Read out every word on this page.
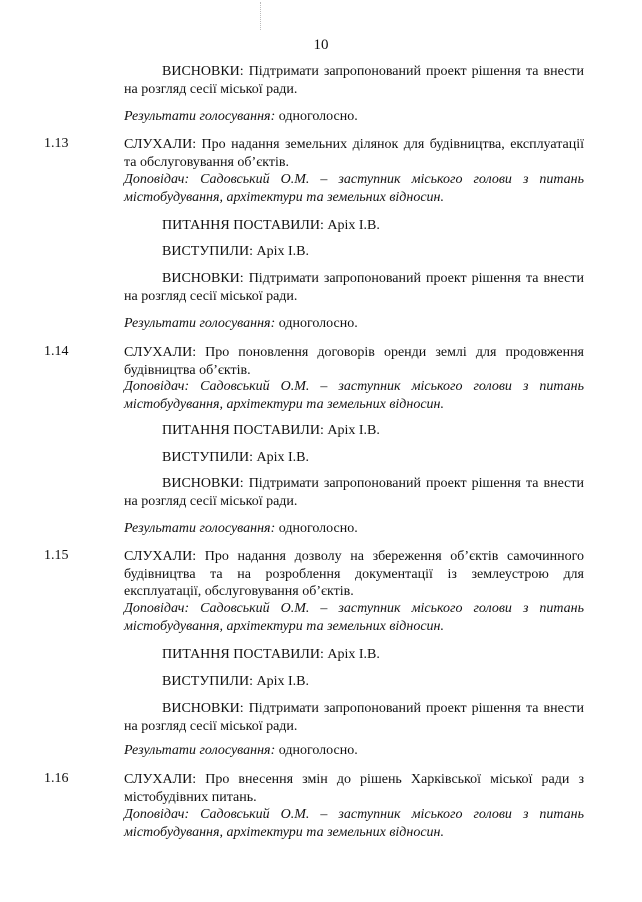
10
ВИСНОВКИ: Підтримати запропонований проект рішення та внести на розгляд сесії міської ради.
Результати голосування: одноголосно.
1.13	СЛУХАЛИ: Про надання земельних ділянок для будівництва, експлуатації та обслуговування об’єктів.
Доповідач: Садовський О.М. – заступник міського голови з питань містобудування, архітектури та земельних відносин.
ПИТАННЯ ПОСТАВИЛИ: Аріх І.В.
ВИСТУПИЛИ: Аріх І.В.
ВИСНОВКИ: Підтримати запропонований проект рішення та внести на розгляд сесії міської ради.
Результати голосування: одноголосно.
1.14	СЛУХАЛИ: Про поновлення договорів оренди землі для продовження будівництва об’єктів.
Доповідач: Садовський О.М. – заступник міського голови з питань містобудування, архітектури та земельних відносин.
ПИТАННЯ ПОСТАВИЛИ: Аріх І.В.
ВИСТУПИЛИ: Аріх І.В.
ВИСНОВКИ: Підтримати запропонований проект рішення та внести на розгляд сесії міської ради.
Результати голосування: одноголосно.
1.15	СЛУХАЛИ: Про надання дозволу на збереження об’єктів самочинного будівництва та на розроблення документації із землеустрою для експлуатації, обслуговування об’єктів.
Доповідач: Садовський О.М. – заступник міського голови з питань містобудування, архітектури та земельних відносин.
ПИТАННЯ ПОСТАВИЛИ: Аріх І.В.
ВИСТУПИЛИ: Аріх І.В.
ВИСНОВКИ: Підтримати запропонований проект рішення та внести на розгляд сесії міської ради.
Результати голосування: одноголосно.
1.16	СЛУХАЛИ: Про внесення змін до рішень Харківської міської ради з містобудівних питань.
Доповідач: Садовський О.М. – заступник міського голови з питань містобудування, архітектури та земельних відносин.
